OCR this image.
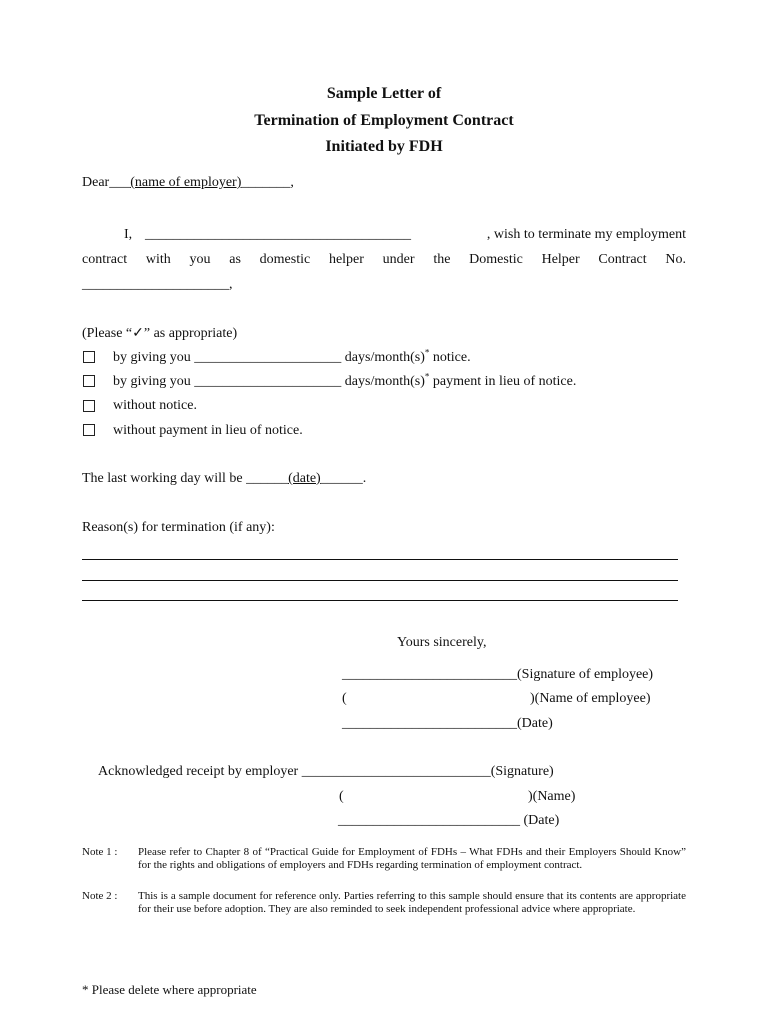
Sample Letter of
Termination of Employment Contract
Initiated by FDH
Dear___(name of employer)_______,
I, ______________________________________	, wish to terminate my employment
contract with you as domestic helper under the Domestic Helper Contract No.
_____________________,
(Please “✓” as appropriate)
by giving you _____________________ days/month(s)* notice.
by giving you _____________________ days/month(s)* payment in lieu of notice.
without notice.
without payment in lieu of notice.
The last working day will be ______(date)______.
Reason(s) for termination (if any):
Yours sincerely,
_________________________(Signature of employee)
(	)(Name of employee)
_________________________(Date)
Acknowledged receipt by employer ___________________________(Signature)
(	)(Name)
__________________________ (Date)
Note 1 : Please refer to Chapter 8 of “Practical Guide for Employment of FDHs – What FDHs and their Employers Should Know” for the rights and obligations of employers and FDHs regarding termination of employment contract.
Note 2 : This is a sample document for reference only. Parties referring to this sample should ensure that its contents are appropriate for their use before adoption. They are also reminded to seek independent professional advice where appropriate.
* Please delete where appropriate
